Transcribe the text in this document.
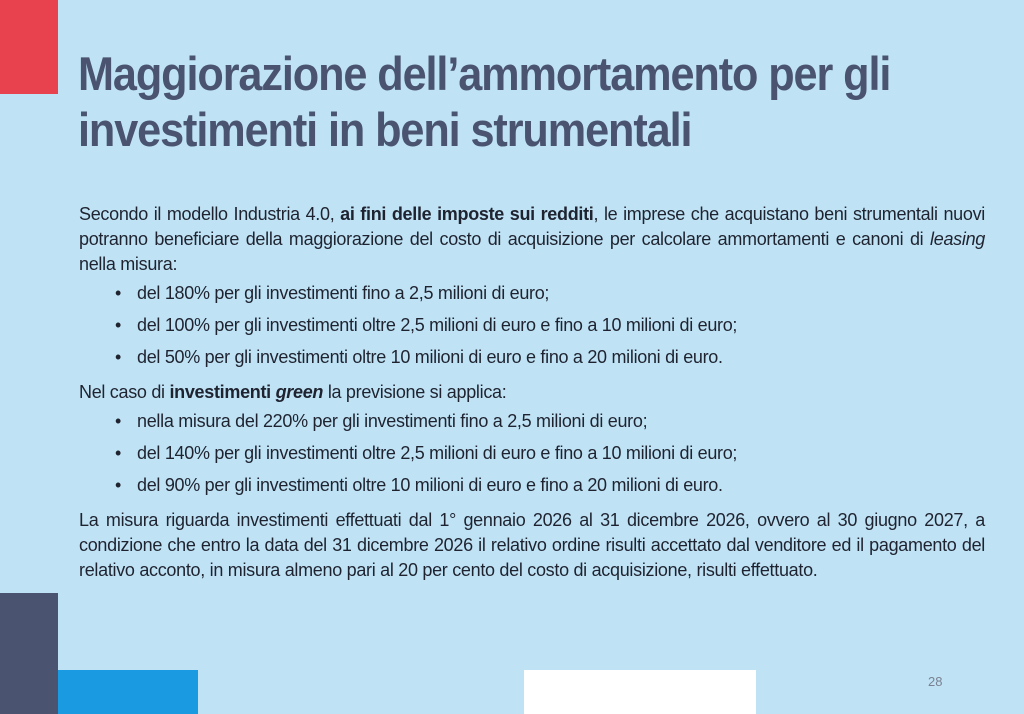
Maggiorazione dell’ammortamento per gli investimenti in beni strumentali

Secondo il modello Industria 4.0, ai fini delle imposte sui redditi, le imprese che acquistano beni strumentali nuovi potranno beneficiare della maggiorazione del costo di acquisizione per calcolare ammortamenti e canoni di leasing nella misura:

• del 180% per gli investimenti fino a 2,5 milioni di euro;
• del 100% per gli investimenti oltre 2,5 milioni di euro e fino a 10 milioni di euro;
• del 50% per gli investimenti oltre 10 milioni di euro e fino a 20 milioni di euro.

Nel caso di investimenti green la previsione si applica:

• nella misura del 220% per gli investimenti fino a 2,5 milioni di euro;
• del 140% per gli investimenti oltre 2,5 milioni di euro e fino a 10 milioni di euro;
• del 90% per gli investimenti oltre 10 milioni di euro e fino a 20 milioni di euro.

La misura riguarda investimenti effettuati dal 1° gennaio 2026 al 31 dicembre 2026, ovvero al 30 giugno 2027, a condizione che entro la data del 31 dicembre 2026 il relativo ordine risulti accettato dal venditore ed il pagamento del relativo acconto, in misura almeno pari al 20 per cento del costo di acquisizione, risulti effettuato.

28
